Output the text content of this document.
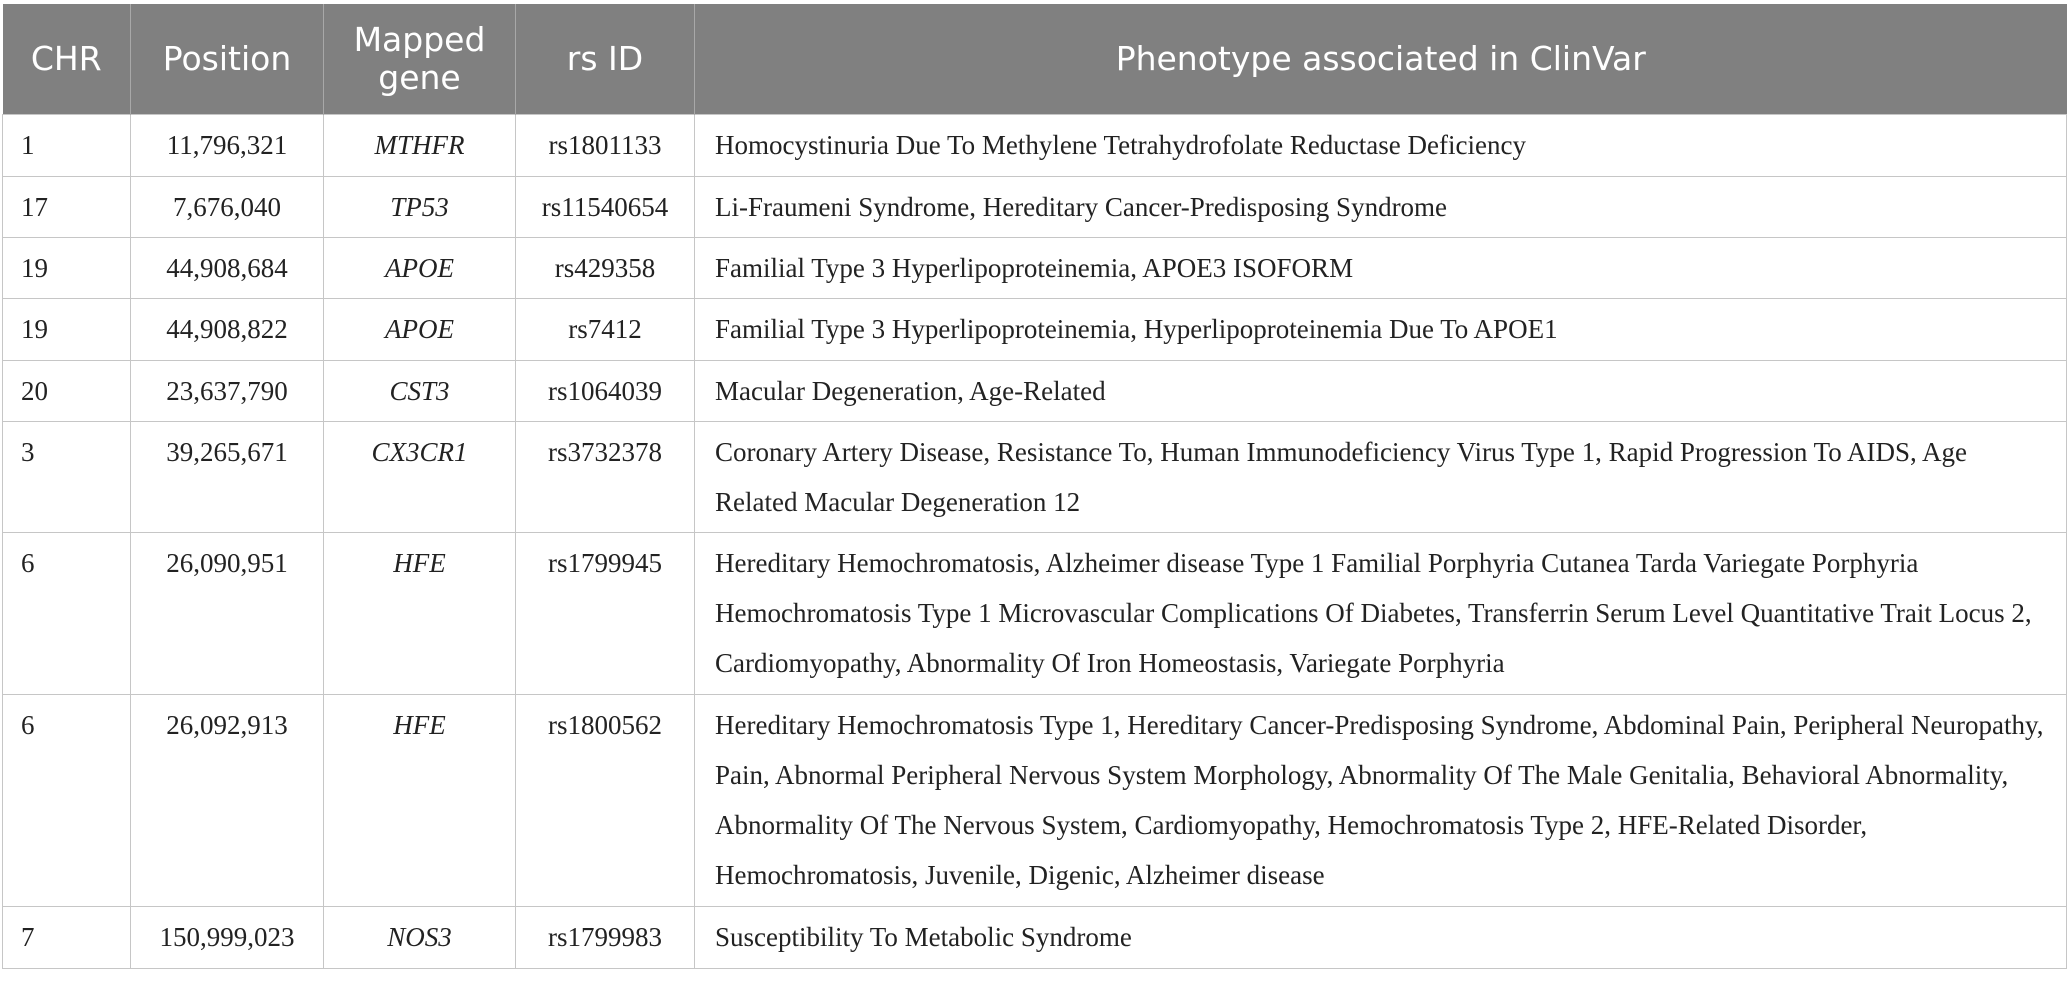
CHR	Position	Mapped gene	rs ID	Phenotype associated in ClinVar
1	11,796,321	MTHFR	rs1801133	Homocystinuria Due To Methylene Tetrahydrofolate Reductase Deficiency
17	7,676,040	TP53	rs11540654	Li-Fraumeni Syndrome, Hereditary Cancer-Predisposing Syndrome
19	44,908,684	APOE	rs429358	Familial Type 3 Hyperlipoproteinemia, APOE3 ISOFORM
19	44,908,822	APOE	rs7412	Familial Type 3 Hyperlipoproteinemia, Hyperlipoproteinemia Due To APOE1
20	23,637,790	CST3	rs1064039	Macular Degeneration, Age-Related
3	39,265,671	CX3CR1	rs3732378	Coronary Artery Disease, Resistance To, Human Immunodeficiency Virus Type 1, Rapid Progression To AIDS, Age Related Macular Degeneration 12
6	26,090,951	HFE	rs1799945	Hereditary Hemochromatosis, Alzheimer disease Type 1 Familial Porphyria Cutanea Tarda Variegate Porphyria Hemochromatosis Type 1 Microvascular Complications Of Diabetes, Transferrin Serum Level Quantitative Trait Locus 2, Cardiomyopathy, Abnormality Of Iron Homeostasis, Variegate Porphyria
6	26,092,913	HFE	rs1800562	Hereditary Hemochromatosis Type 1, Hereditary Cancer-Predisposing Syndrome, Abdominal Pain, Peripheral Neuropathy, Pain, Abnormal Peripheral Nervous System Morphology, Abnormality Of The Male Genitalia, Behavioral Abnormality, Abnormality Of The Nervous System, Cardiomyopathy, Hemochromatosis Type 2, HFE-Related Disorder, Hemochromatosis, Juvenile, Digenic, Alzheimer disease
7	150,999,023	NOS3	rs1799983	Susceptibility To Metabolic Syndrome
